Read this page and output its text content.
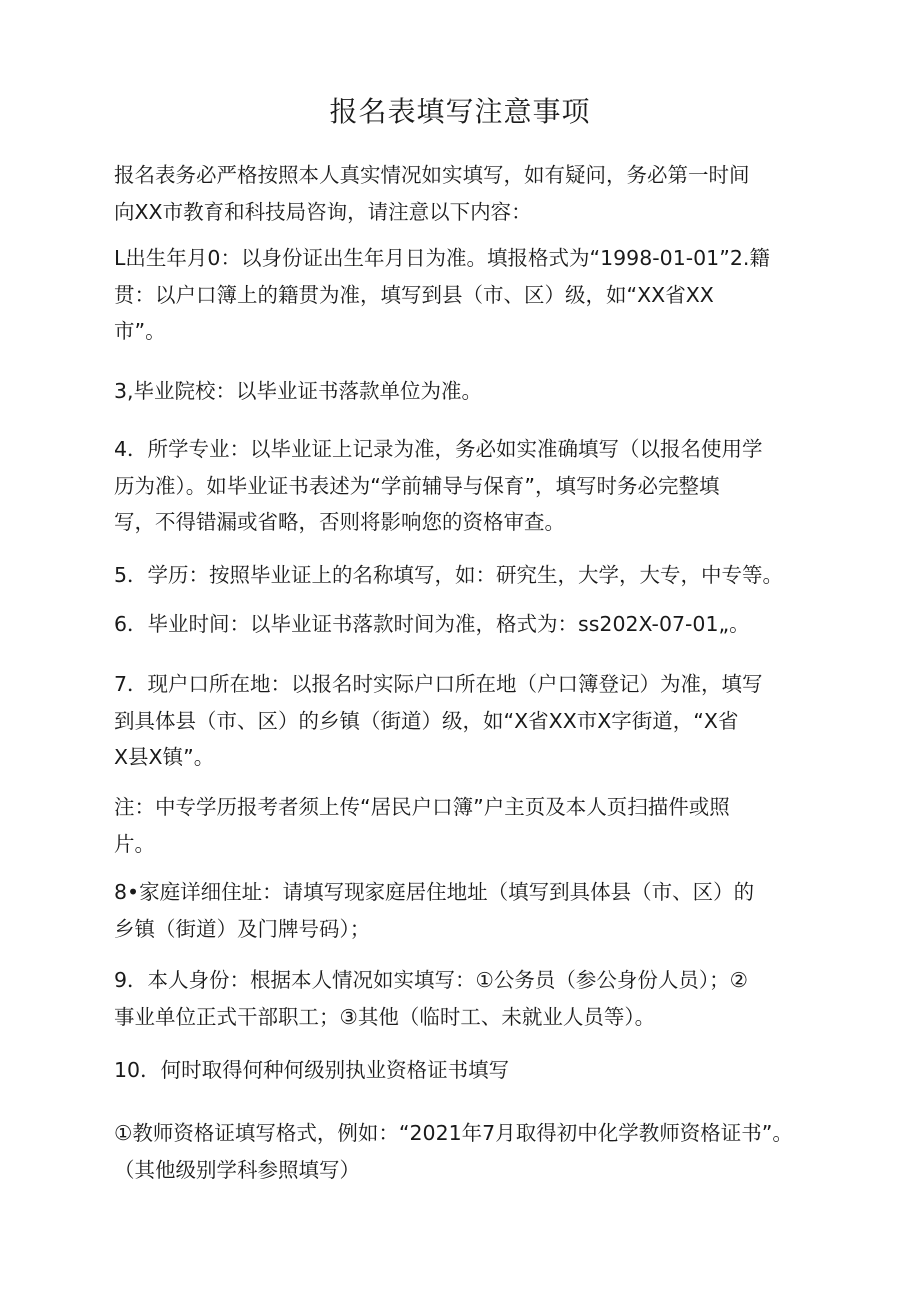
报名表填写注意事项
报名表务必严格按照本人真实情况如实填写，如有疑问，务必第一时间
向XX市教育和科技局咨询，请注意以下内容：
L出生年月0：以身份证出生年月日为准。填报格式为“1998-01-01”2.籍
贯：以户口簿上的籍贯为准，填写到县（市、区）级，如“XX省XX
市”。
3,毕业院校：以毕业证书落款单位为准。
4．所学专业：以毕业证上记录为准，务必如实准确填写（以报名使用学
历为准）。如毕业证书表述为“学前辅导与保育”，填写时务必完整填
写，不得错漏或省略，否则将影响您的资格审查。
5．学历：按照毕业证上的名称填写，如：研究生，大学，大专，中专等。
6．毕业时间：以毕业证书落款时间为准，格式为：ss202X-07-01„。
7．现户口所在地：以报名时实际户口所在地（户口簿登记）为准，填写
到具体县（市、区）的乡镇（街道）级，如“X省XX市X字街道，“X省
X县X镇”。
注：中专学历报考者须上传“居民户口簿”户主页及本人页扫描件或照
片。
8•家庭详细住址：请填写现家庭居住地址（填写到具体县（市、区）的
乡镇（街道）及门牌号码）；
9．本人身份：根据本人情况如实填写：①公务员（参公身份人员）；②
事业单位正式干部职工；③其他（临时工、未就业人员等）。
10．何时取得何种何级别执业资格证书填写
①教师资格证填写格式，例如：“2021年7月取得初中化学教师资格证书”。
（其他级别学科参照填写）
